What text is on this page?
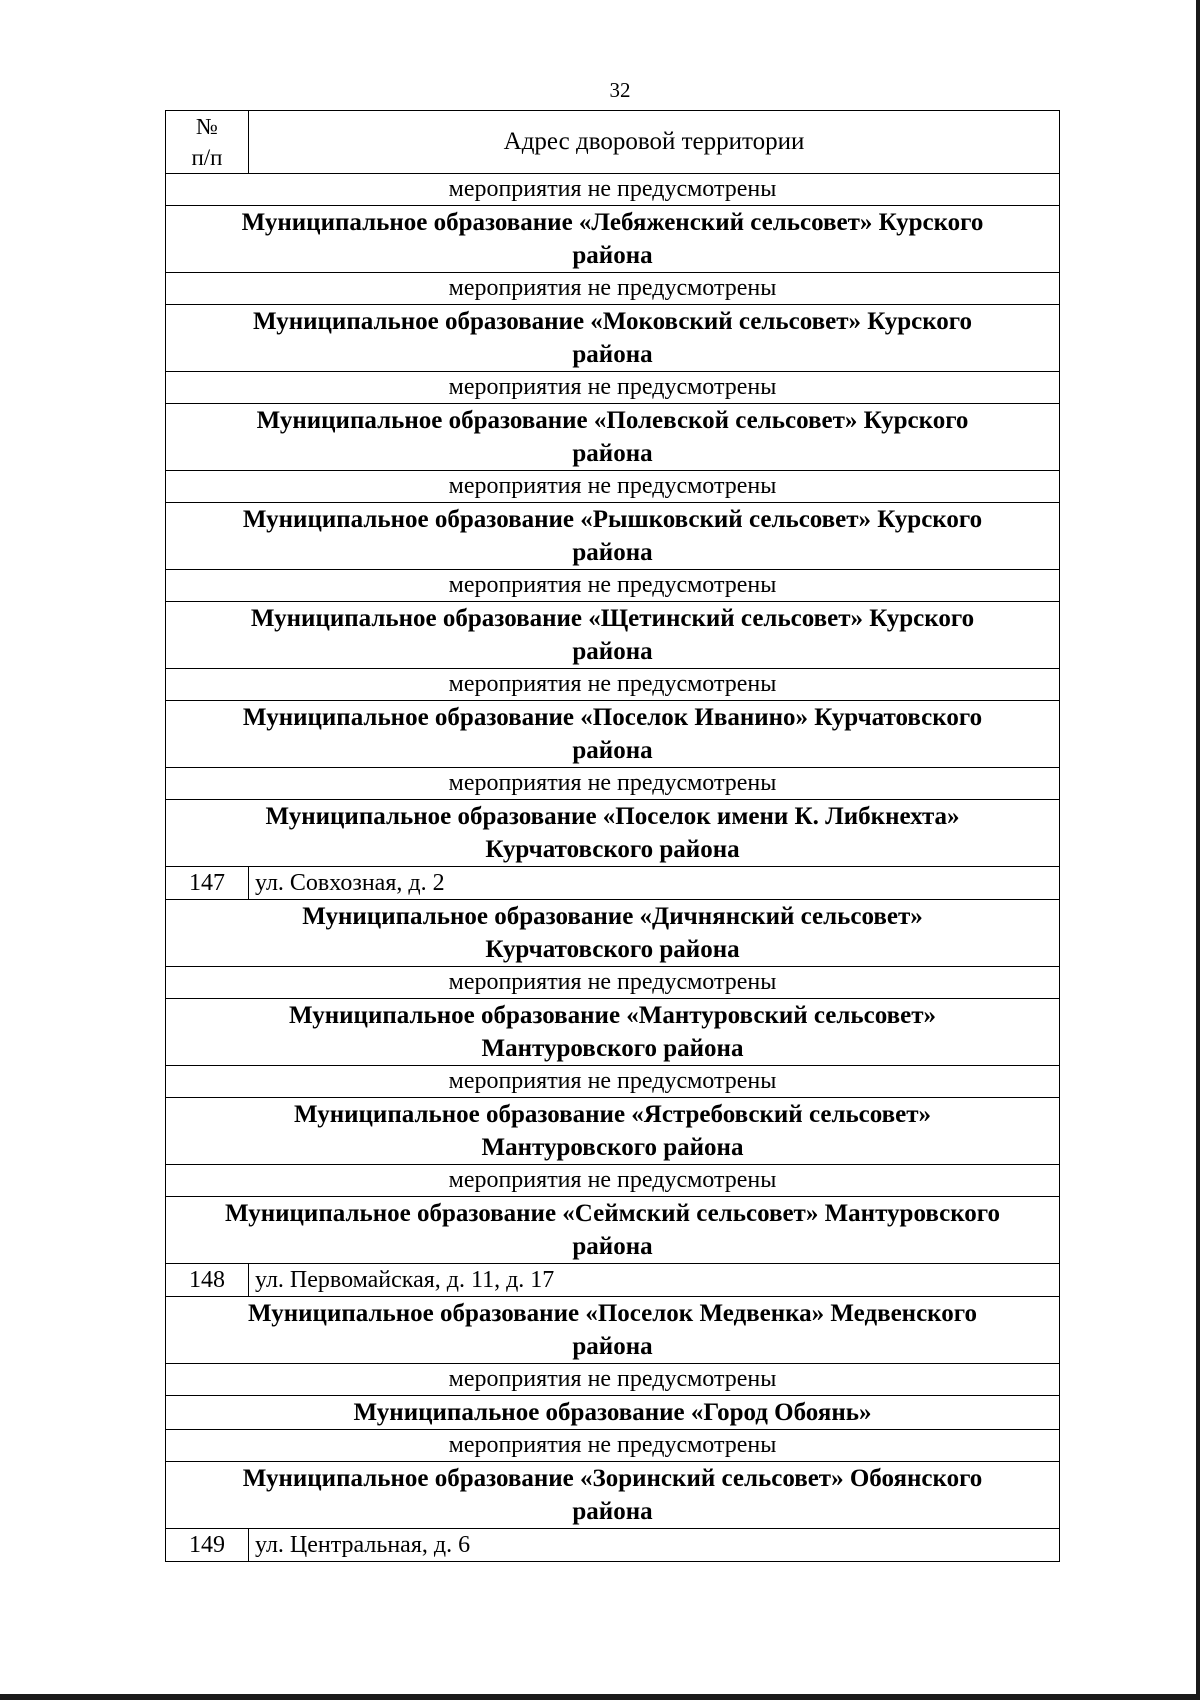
32
№
п/п	Адрес дворовой территории
мероприятия не предусмотрены	

Муниципальное образование «Лебяженский сельсовет» Курского
района	

мероприятия не предусмотрены	

Муниципальное образование «Моковский сельсовет» Курского
района	

мероприятия не предусмотрены	

Муниципальное образование «Полевской сельсовет» Курского
района	

мероприятия не предусмотрены	

Муниципальное образование «Рышковский сельсовет» Курского
района	

мероприятия не предусмотрены	

Муниципальное образование «Щетинский сельсовет» Курского
района	

мероприятия не предусмотрены	

Муниципальное образование «Поселок Иванино» Курчатовского
района	

мероприятия не предусмотрены	

Муниципальное образование «Поселок имени К. Либкнехта»
Курчатовского района	

147	ул. Совхозная, д. 2

Муниципальное образование «Дичнянский сельсовет»
Курчатовского района	

мероприятия не предусмотрены	

Муниципальное образование «Мантуровский сельсовет»
Мантуровского района	

мероприятия не предусмотрены	

Муниципальное образование «Ястребовский сельсовет»
Мантуровского района	

мероприятия не предусмотрены	

Муниципальное образование «Сеймский сельсовет» Мантуровского
района	

148	ул. Первомайская, д. 11, д. 17

Муниципальное образование «Поселок Медвенка» Медвенского
района	

мероприятия не предусмотрены	

Муниципальное образование «Город Обоянь»	

мероприятия не предусмотрены	

Муниципальное образование «Зоринский сельсовет» Обоянского
района	

149	ул. Центральная, д. 6
